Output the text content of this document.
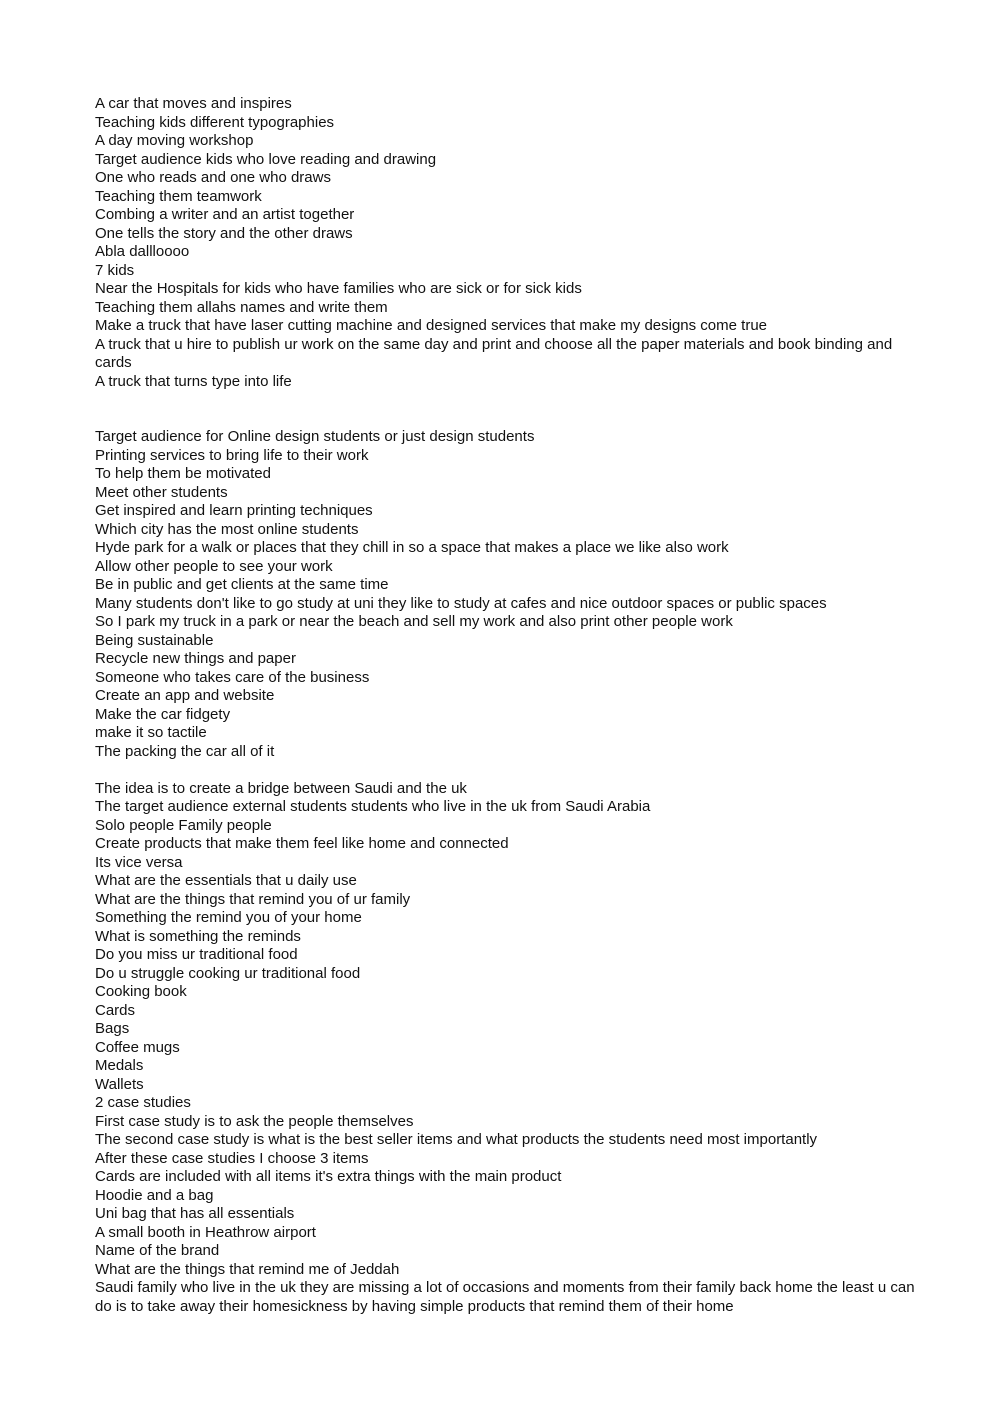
A car that moves and inspires
Teaching kids different typographies
A day moving workshop
Target audience kids who love reading and drawing
One who reads and one who draws
Teaching them teamwork
Combing a writer and an artist together
One tells the story and the other draws
Abla dallloooo
7 kids
Near the Hospitals for kids who have families who are sick or for sick kids
Teaching them allahs names and write them
Make a truck that have laser cutting machine and designed services that make my designs come true
A truck that u hire to publish ur work on the same day and print and choose all the paper materials and book binding and cards
A truck that turns type into life
Target audience for Online design students or just design students
Printing services to bring life to their work
To help them be motivated
Meet other students
Get inspired and learn printing techniques
Which city has the most online students
Hyde park for a walk or places that they chill in so a space that makes a place we like also work
Allow other people to see your work
Be in public and get clients at the same time
Many students don't like to go study at uni they like to study at cafes and nice outdoor spaces or public spaces
So I park my truck in a park or near the beach and sell my work and also print other people work
Being sustainable
Recycle new things and paper
Someone who takes care of the business
Create an app and website
Make the car fidgety
make it so tactile
The packing the car all of it
The idea is to create a bridge between Saudi and the uk
The target audience external students students who live in the uk from Saudi Arabia
Solo people Family people
Create products that make them feel like home and connected
Its vice versa
What are the essentials that u daily use
What are the things that remind you of ur family
Something the remind you of your home
What is something the reminds
Do you miss ur traditional food
Do u struggle cooking ur traditional food
Cooking book
Cards
Bags
Coffee mugs
Medals
Wallets
2 case studies
First case study is to ask the people themselves
The second case study is what is the best seller items and what products the students need most importantly
After these case studies I choose 3 items
Cards are included with all items it's extra things with the main product
Hoodie and a bag
Uni bag that has all essentials
A small booth in Heathrow airport
Name of the brand
What are the things that remind me of Jeddah
Saudi family who live in the uk they are missing a lot of occasions and moments from their family back home the least u can do is to take away their homesickness by having simple products that remind them of their home
